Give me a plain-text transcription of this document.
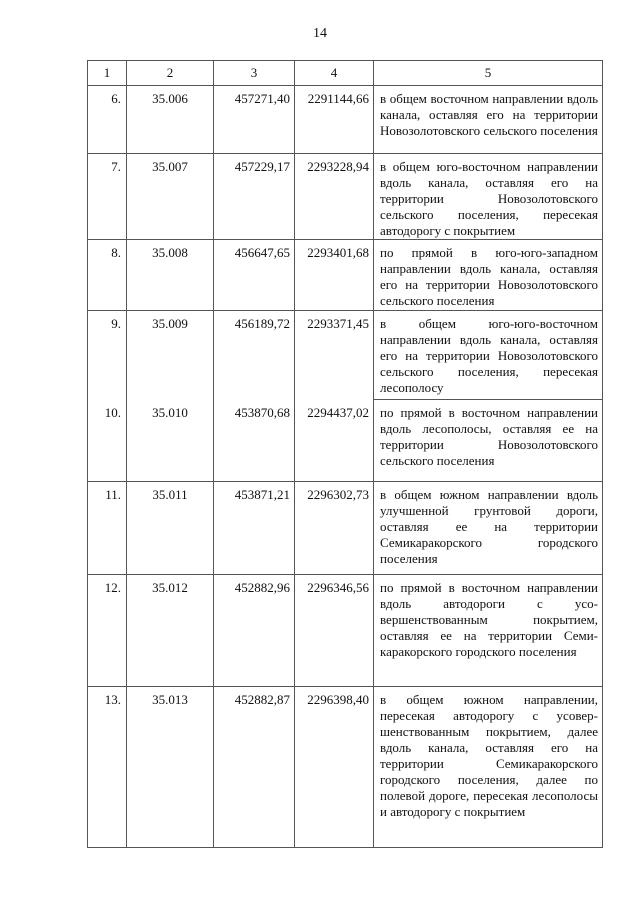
14
1	2	3	4	5
6.	35.006	457271,40	2291144,66	в общем восточном направлении вдоль канала, оставляя его на территории Новозолотовского сельского поселения
7.	35.007	457229,17	2293228,94	в общем юго-восточном направлении вдоль канала, оставляя его на территории Новозолотовского сельского поселения, пересекая автодорогу с покрытием
8.	35.008	456647,65	2293401,68	по прямой в юго-юго-западном направлении вдоль канала, оставляя его на территории Новозолотовского сельского поселения
9.	35.009	456189,72	2293371,45	в общем юго-юго-восточном направлении вдоль канала, оставляя его на территории Новозолотовского сельского поселения, пересекая лесополосу
10.	35.010	453870,68	2294437,02	по прямой в восточном направлении вдоль лесополосы, оставляя ее на территории Новозолотовского сельского поселения
11.	35.011	453871,21	2296302,73	в общем южном направлении вдоль улучшенной грунтовой дороги, оставляя ее на территории Семикаракорского городского поселения
12.	35.012	452882,96	2296346,56	по прямой в восточном направлении вдоль автодороги с усовершенствованным покрытием, оставляя ее на территории Семикаракорского городского поселения
13.	35.013	452882,87	2296398,40	в общем южном направлении, пересекая автодорогу с усовершенствованным покрытием, далее вдоль канала, оставляя его на территории Семикаракорского городского поселения, далее по полевой дороге, пересекая лесополосы и автодорогу с покрытием
